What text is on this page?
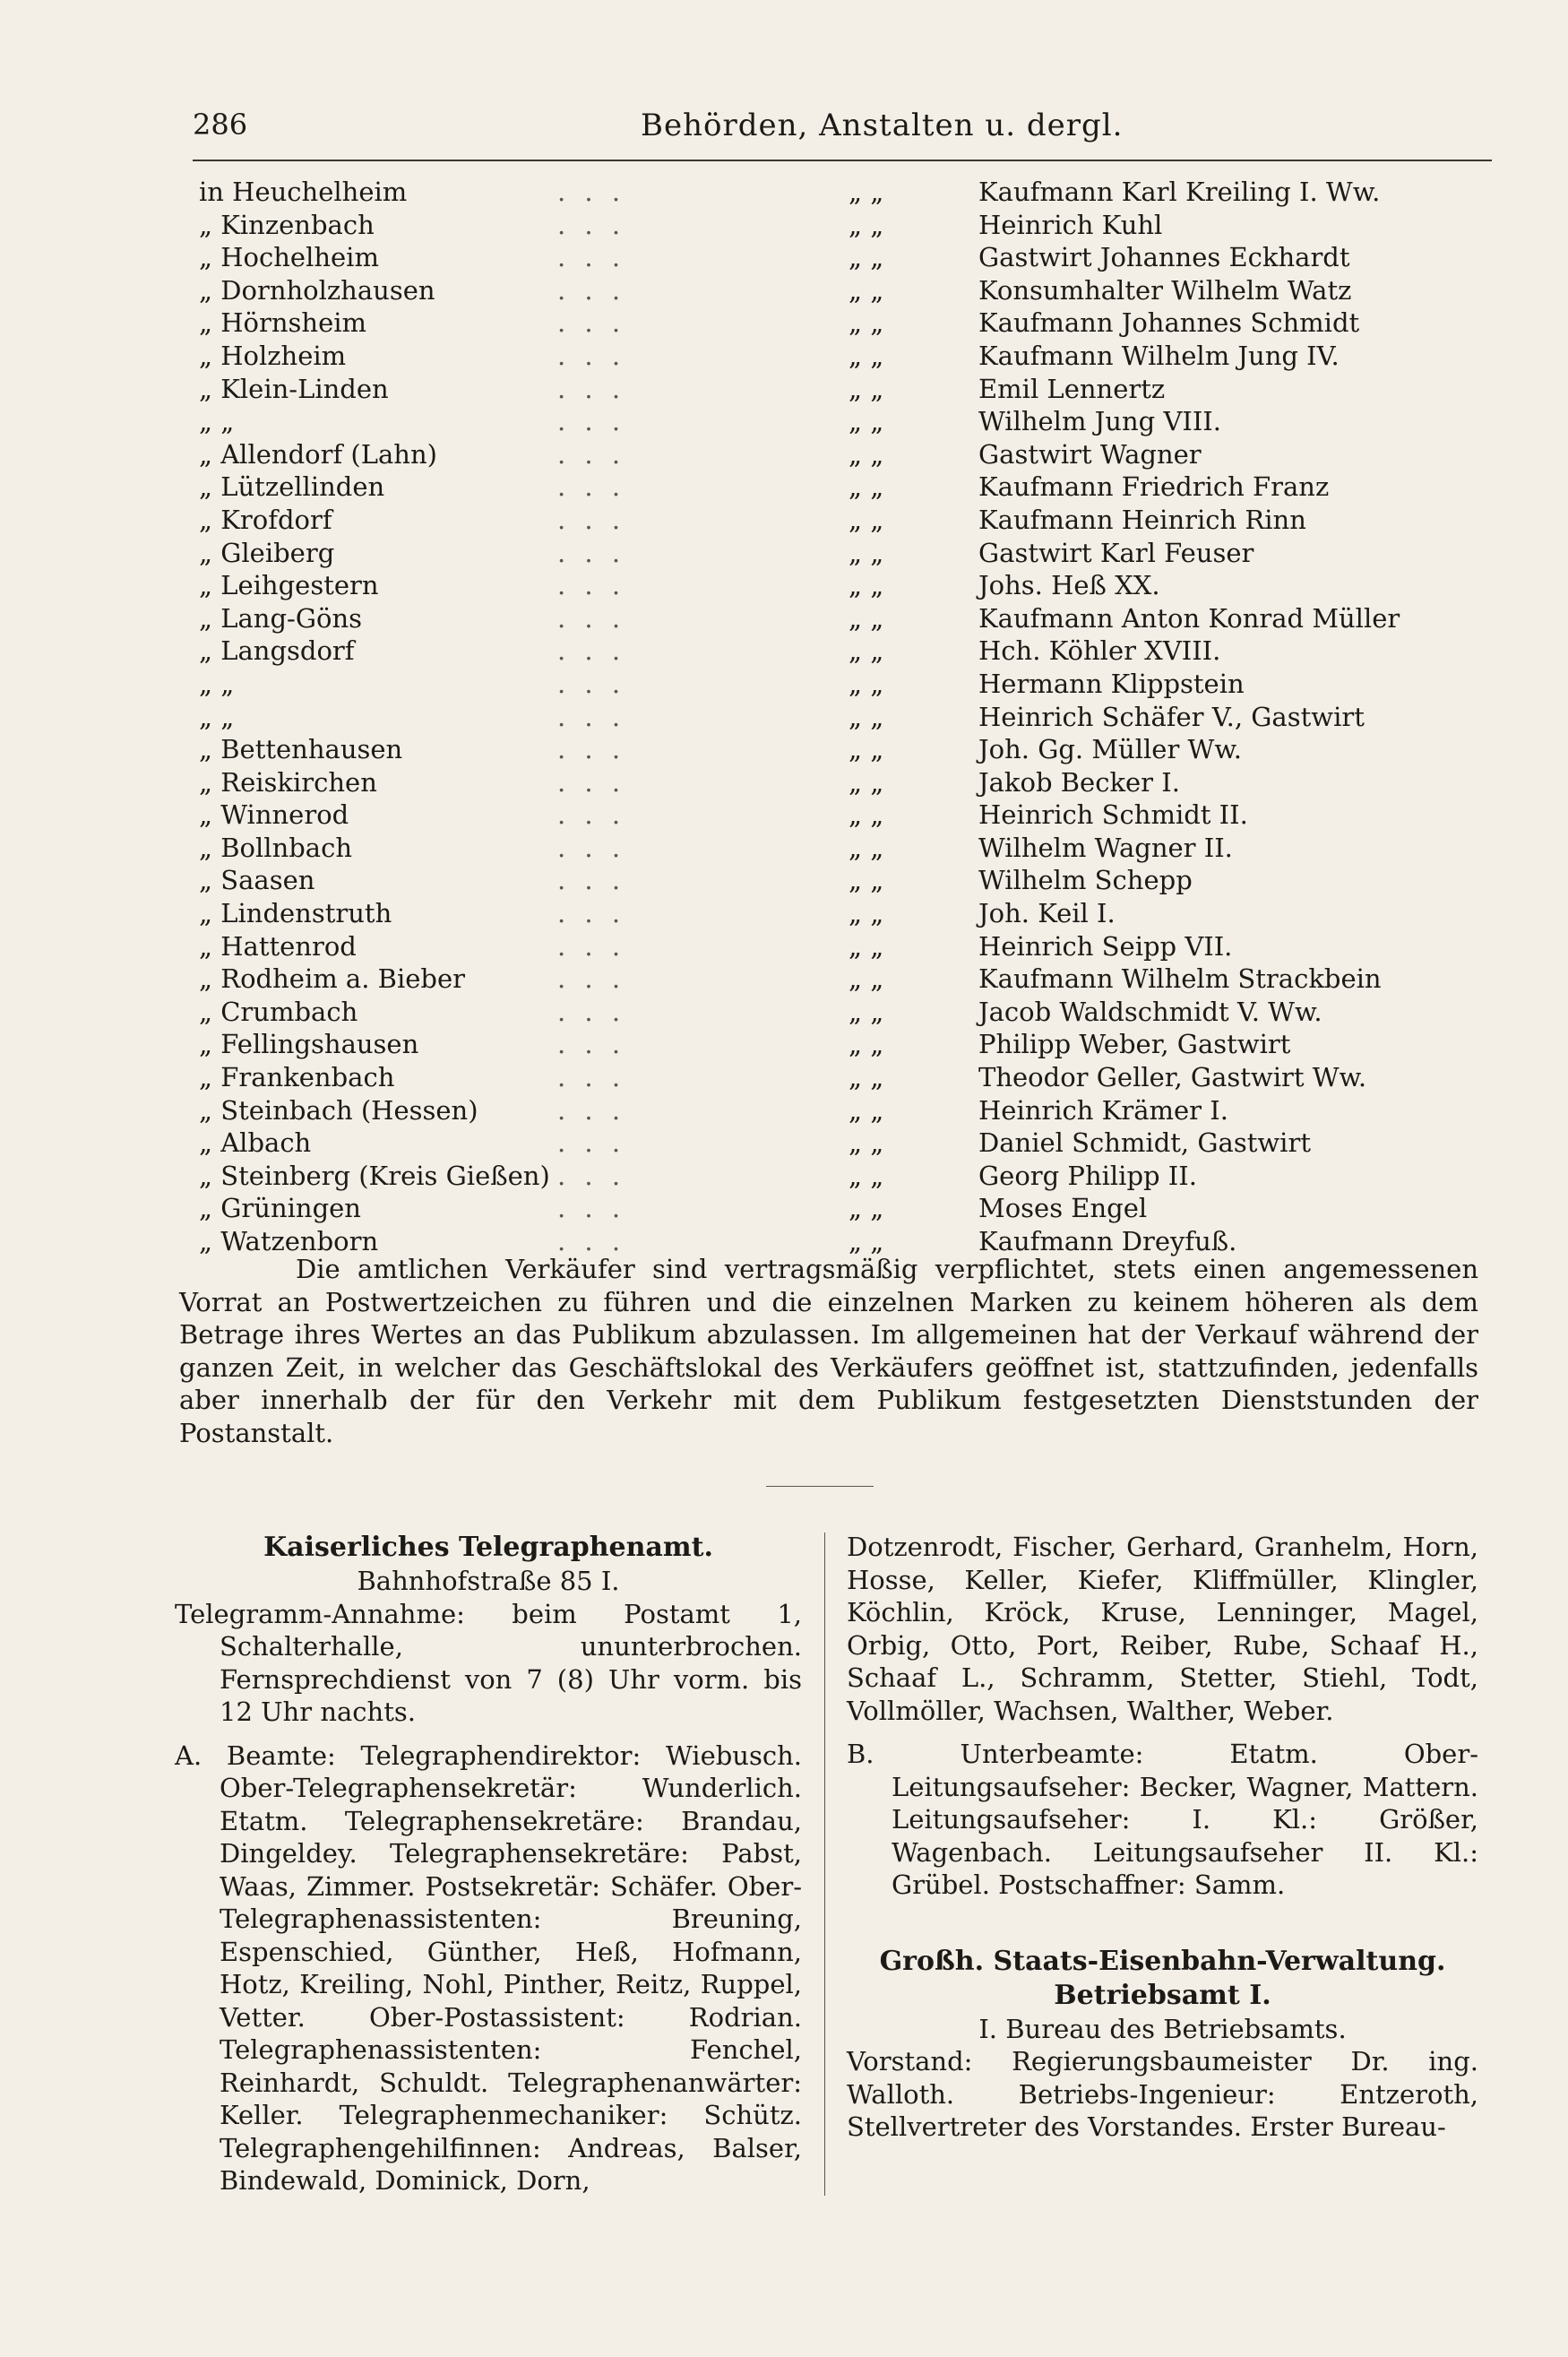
286	Behörden, Anstalten u. dergl.
in Heuchelheim	. . .	„ „	Kaufmann Karl Kreiling I. Ww.
„ Kinzenbach	. . .	„ „	Heinrich Kuhl
„ Hochelheim	. . .	„ „	Gastwirt Johannes Eckhardt
„ Dornholzhausen	. . .	„ „	Konsumhalter Wilhelm Watz
„ Hörnsheim	. . .	„ „	Kaufmann Johannes Schmidt
„ Holzheim	. . .	„ „	Kaufmann Wilhelm Jung IV.
„ Klein-Linden	. . .	„ „	Emil Lennertz
„ „	. . .	„ „	Wilhelm Jung VIII.
„ Allendorf (Lahn)	. . .	„ „	Gastwirt Wagner
„ Lützellinden	. . .	„ „	Kaufmann Friedrich Franz
„ Krofdorf	. . .	„ „	Kaufmann Heinrich Rinn
„ Gleiberg	. . .	„ „	Gastwirt Karl Feuser
„ Leihgestern	. . .	„ „	Johs. Heß XX.
„ Lang-Göns	. . .	„ „	Kaufmann Anton Konrad Müller
„ Langsdorf	. . .	„ „	Hch. Köhler XVIII.
„ „	. . .	„ „	Hermann Klippstein
„ „	. . .	„ „	Heinrich Schäfer V., Gastwirt
„ Bettenhausen	. . .	„ „	Joh. Gg. Müller Ww.
„ Reiskirchen	. . .	„ „	Jakob Becker I.
„ Winnerod	. . .	„ „	Heinrich Schmidt II.
„ Bollnbach	. . .	„ „	Wilhelm Wagner II.
„ Saasen	. . .	„ „	Wilhelm Schepp
„ Lindenstruth	. . .	„ „	Joh. Keil I.
„ Hattenrod	. . .	„ „	Heinrich Seipp VII.
„ Rodheim a. Bieber	. . .	„ „	Kaufmann Wilhelm Strackbein
„ Crumbach	. . .	„ „	Jacob Waldschmidt V. Ww.
„ Fellingshausen	. . .	„ „	Philipp Weber, Gastwirt
„ Frankenbach	. . .	„ „	Theodor Geller, Gastwirt Ww.
„ Steinbach (Hessen)	. . .	„ „	Heinrich Krämer I.
„ Albach	. . .	„ „	Daniel Schmidt, Gastwirt
„ Steinberg (Kreis Gießen) . . .	„ „	Georg Philipp II.
„ Grüningen	. . .	„ „	Moses Engel
„ Watzenborn	. . .	„ „	Kaufmann Dreyfuß.

Die amtlichen Verkäufer sind vertragsmäßig verpflichtet, stets einen angemessenen Vorrat an Postwertzeichen zu führen und die einzelnen Marken zu keinem höheren als dem Betrage ihres Wertes an das Publikum abzulassen. Im allgemeinen hat der Verkauf während der ganzen Zeit, in welcher das Geschäftslokal des Verkäufers geöffnet ist, stattzufinden, jedenfalls aber innerhalb der für den Verkehr mit dem Publikum festgesetzten Dienststunden der Postanstalt.

Kaiserliches Telegraphenamt.

Bahnhofstraße 85 I.

Telegramm-Annahme: beim Postamt 1, Schalterhalle, ununterbrochen. Fernsprechdienst von 7 (8) Uhr vorm. bis 12 Uhr nachts.

A. Beamte: Telegraphendirektor: Wiebusch. Ober-Telegraphensekretär: Wunderlich. Etatm. Telegraphensekretäre: Brandau, Dingeldey. Telegraphensekretäre: Pabst, Waas, Zimmer. Postsekretär: Schäfer. Ober-Telegraphenassistenten: Breuning, Espenschied, Günther, Heß, Hofmann, Hotz, Kreiling, Nohl, Pinther, Reitz, Ruppel, Vetter. Ober-Postassistent: Rodrian. Telegraphenassistenten: Fenchel, Reinhardt, Schuldt. Telegraphenanwärter: Keller. Telegraphenmechaniker: Schütz. Telegraphengehilfinnen: Andreas, Balser, Bindewald, Dominick, Dorn,

Dotzenrodt, Fischer, Gerhard, Granhelm, Horn, Hosse, Keller, Kiefer, Kliffmüller, Klingler, Köchlin, Kröck, Kruse, Lenninger, Magel, Orbig, Otto, Port, Reiber, Rube, Schaaf H., Schaaf L., Schramm, Stetter, Stiehl, Todt, Vollmöller, Wachsen, Walther, Weber.

B. Unterbeamte: Etatm. Ober-Leitungsaufseher: Becker, Wagner, Mattern. Leitungsaufseher: I. Kl.: Größer, Wagenbach. Leitungsaufseher II. Kl.: Grübel. Postschaffner: Samm.

Großh. Staats-Eisenbahn-Verwaltung.
Betriebsamt I.

I. Bureau des Betriebsamts.

Vorstand: Regierungsbaumeister Dr. ing. Walloth. Betriebs-Ingenieur: Entzeroth, Stellvertreter des Vorstandes. Erster Bureau-
